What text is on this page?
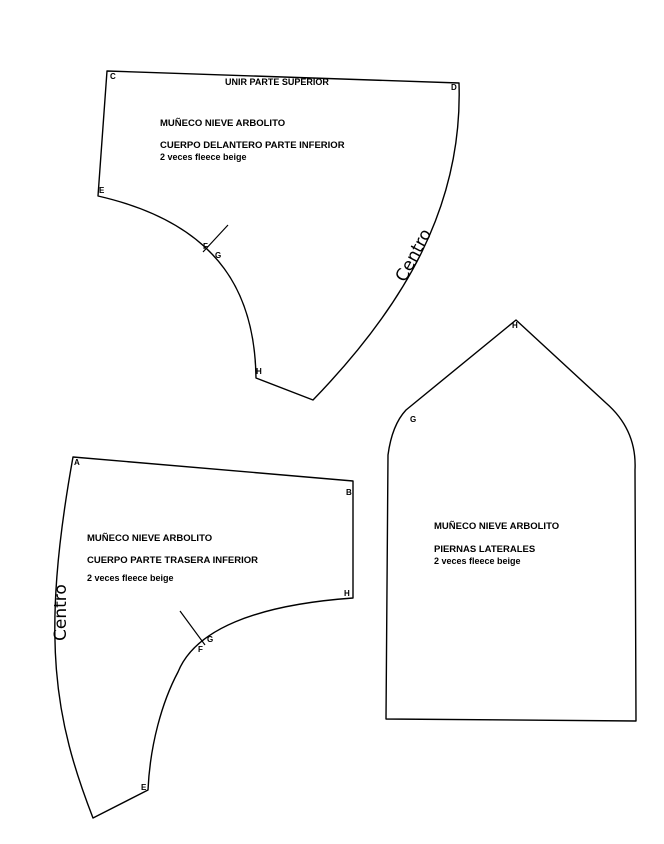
C
D
E
F
G
H
UNIR PARTE SUPERIOR
MUÑECO NIEVE ARBOLITO
CUERPO DELANTERO PARTE INFERIOR
2 veces fleece beige
Centro
H
G
MUÑECO NIEVE ARBOLITO
PIERNAS LATERALES
2 veces fleece beige
A
B
H
G
F
E
MUÑECO NIEVE ARBOLITO
CUERPO PARTE TRASERA INFERIOR
2 veces fleece beige
Centro
